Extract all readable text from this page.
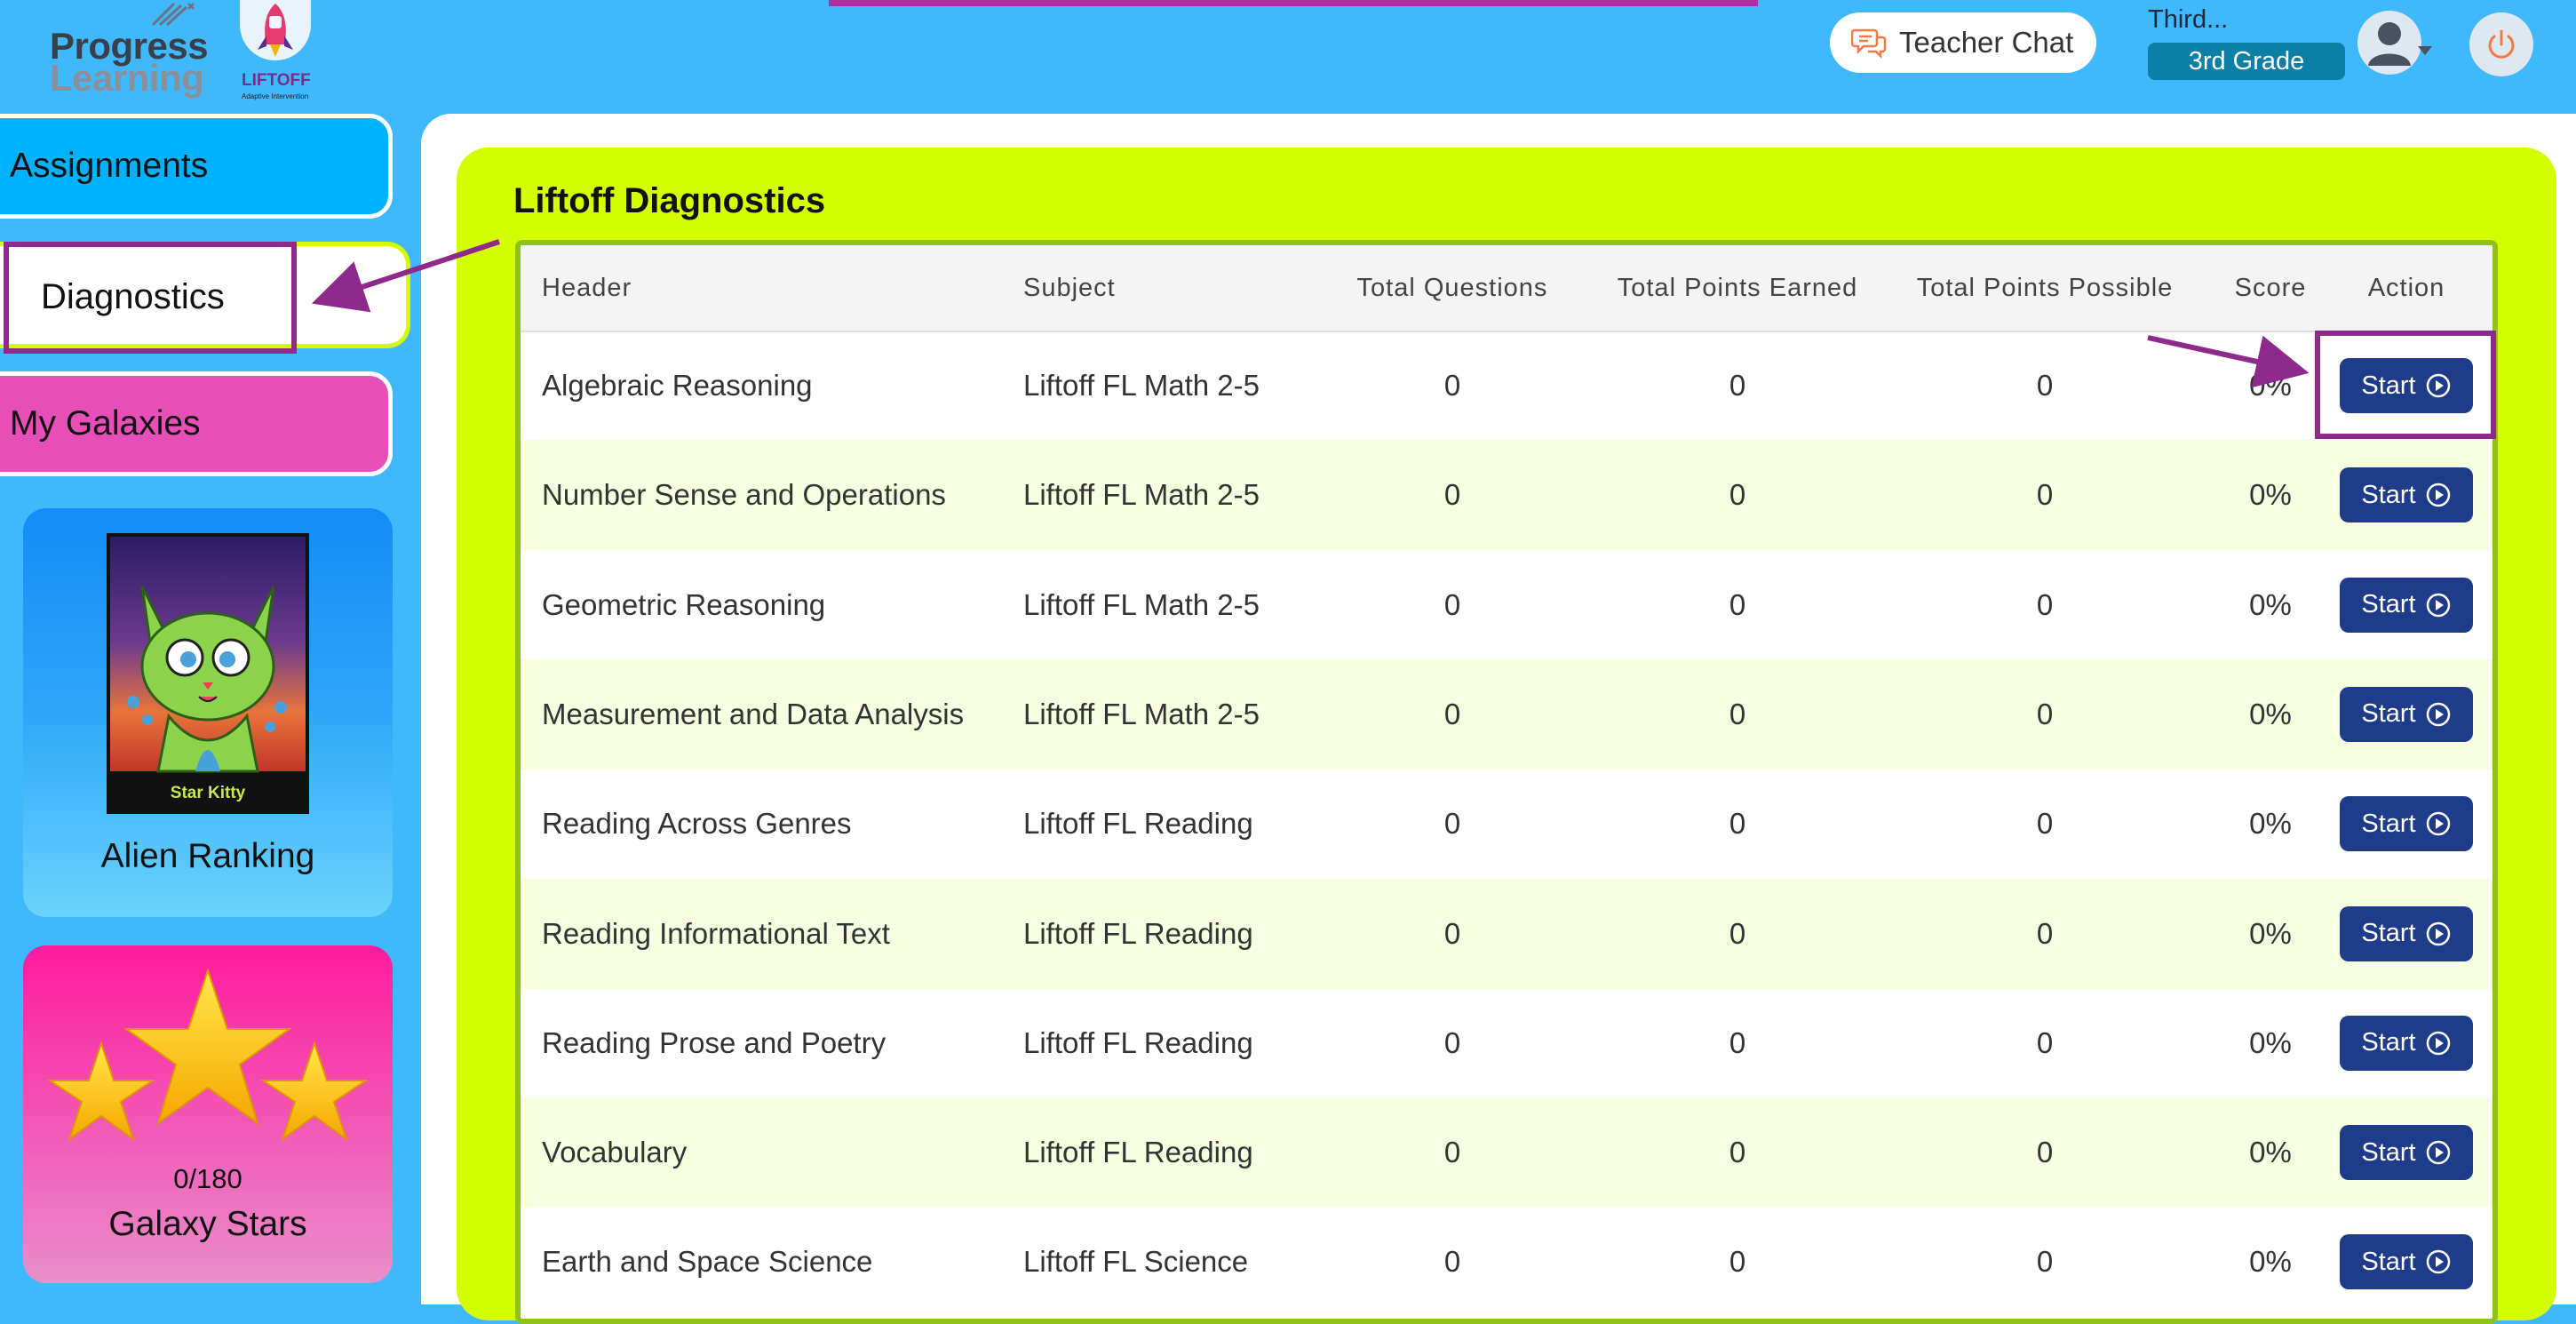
Progress
Learning LIFTOFF
Adaptive Intervention
Teacher Chat
Third...
3rd Grade
Assignments
Diagnostics
My Galaxies
Star Kitty
Alien Ranking
0/180
Galaxy Stars
Liftoff Diagnostics
Header	Subject	Total Questions	Total Points Earned	Total Points Possible	Score	Action
Algebraic Reasoning	Liftoff FL Math 2-5	0	0	0	0%	Start
Number Sense and Operations	Liftoff FL Math 2-5	0	0	0	0%	Start
Geometric Reasoning	Liftoff FL Math 2-5	0	0	0	0%	Start
Measurement and Data Analysis	Liftoff FL Math 2-5	0	0	0	0%	Start
Reading Across Genres	Liftoff FL Reading	0	0	0	0%	Start
Reading Informational Text	Liftoff FL Reading	0	0	0	0%	Start
Reading Prose and Poetry	Liftoff FL Reading	0	0	0	0%	Start
Vocabulary	Liftoff FL Reading	0	0	0	0%	Start
Earth and Space Science	Liftoff FL Science	0	0	0	0%	Start
